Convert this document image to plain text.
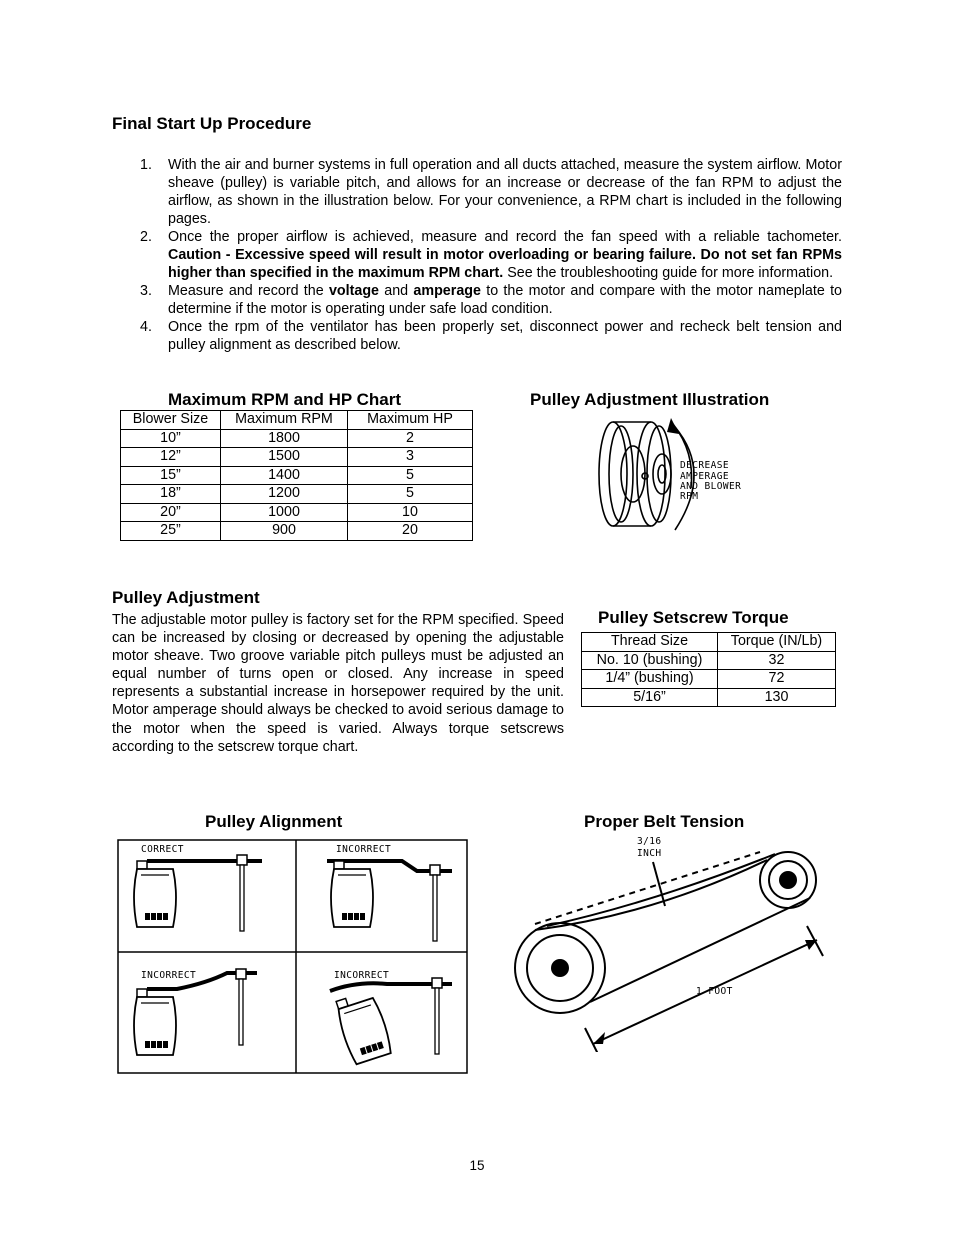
Final Start Up Procedure
1. With the air and burner systems in full operation and all ducts attached, measure the system airflow. Motor sheave (pulley) is variable pitch, and allows for an increase or decrease of the fan RPM to adjust the airflow, as shown in the illustration below. For your convenience, a RPM chart is included in the following pages.
2. Once the proper airflow is achieved, measure and record the fan speed with a reliable tachometer. Caution - Excessive speed will result in motor overloading or bearing failure. Do not set fan RPMs higher than specified in the maximum RPM chart. See the troubleshooting guide for more information.
3. Measure and record the voltage and amperage to the motor and compare with the motor nameplate to determine if the motor is operating under safe load condition.
4. Once the rpm of the ventilator has been properly set, disconnect power and recheck belt tension and pulley alignment as described below.
Maximum RPM and HP Chart
Blower Size	Maximum RPM	Maximum HP
10”	1800	2
12”	1500	3
15”	1400	5
18”	1200	5
20”	1000	10
25”	900	20
Pulley Adjustment Illustration
DECREASE
AMPERAGE
AND BLOWER
RPM
Pulley Adjustment

The adjustable motor pulley is factory set for the RPM specified. Speed can be increased by closing or decreased by opening the adjustable motor sheave. Two groove variable pitch pulleys must be adjusted an equal number of turns open or closed. Any increase in speed represents a substantial increase in horsepower required by the unit. Motor amperage should always be checked to avoid serious damage to the motor when the speed is varied. Always torque setscrews according to the setscrew torque chart.

Pulley Setscrew Torque
Thread Size	Torque (IN/Lb)
No. 10 (bushing)	32
1/4” (bushing)	72
5/16”	130
Pulley Alignment
CORRECT	INCORRECT
INCORRECT	INCORRECT
Proper Belt Tension
3/16
INCH
1 FOOT
15
